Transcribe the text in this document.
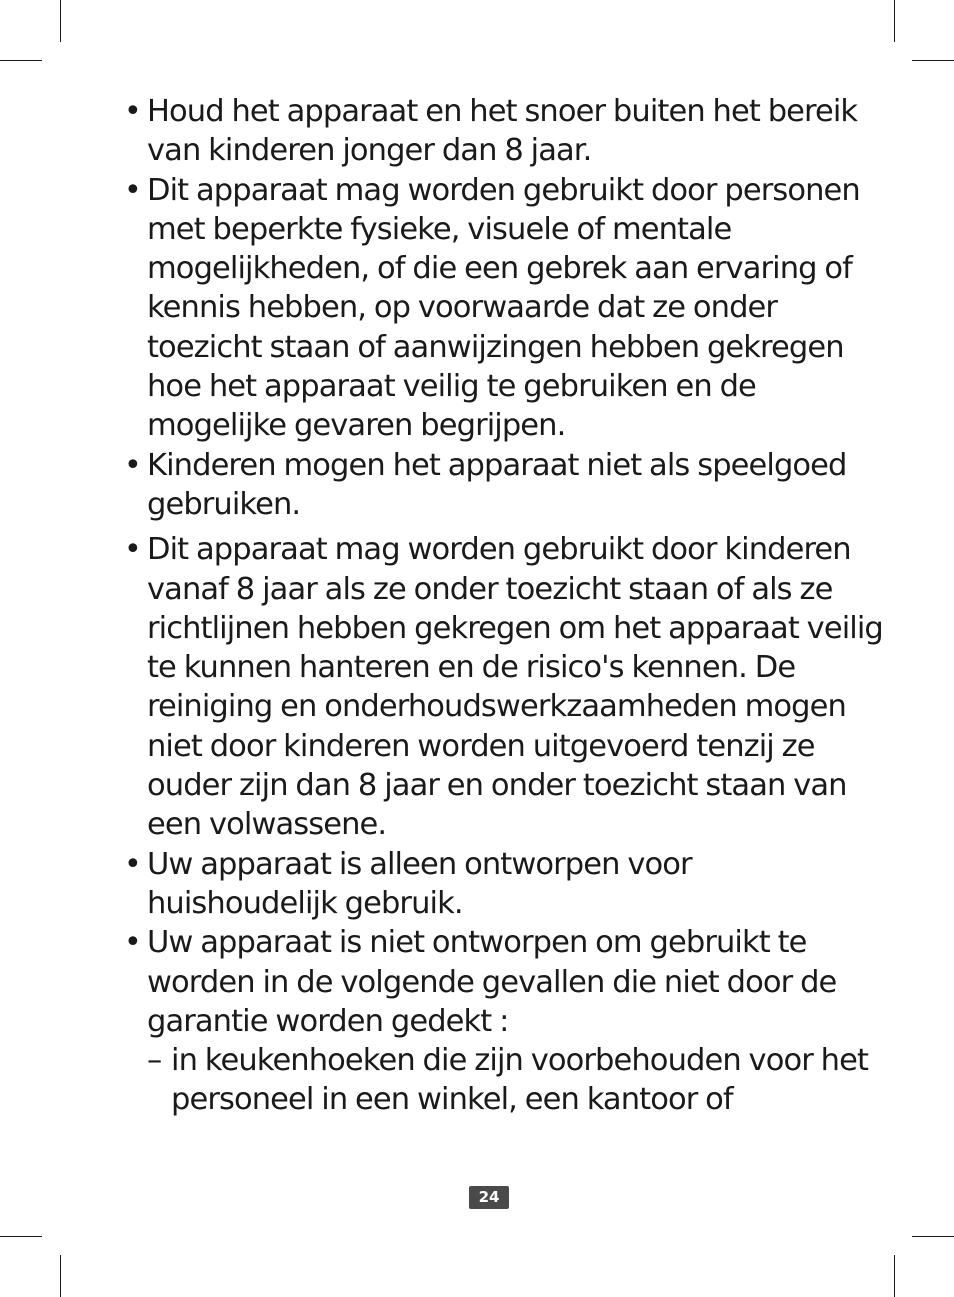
• Houd het apparaat en het snoer buiten het bereik van kinderen jonger dan 8 jaar.
• Dit apparaat mag worden gebruikt door personen met beperkte fysieke, visuele of mentale mogelijkheden, of die een gebrek aan ervaring of kennis hebben, op voorwaarde dat ze onder toezicht staan of aanwijzingen hebben gekregen hoe het apparaat veilig te gebruiken en de mogelijke gevaren begrijpen.
• Kinderen mogen het apparaat niet als speelgoed gebruiken.
• Dit apparaat mag worden gebruikt door kinderen vanaf 8 jaar als ze onder toezicht staan of als ze richtlijnen hebben gekregen om het apparaat veilig te kunnen hanteren en de risico's kennen. De reiniging en onderhoudswerkzaamheden mogen niet door kinderen worden uitgevoerd tenzij ze ouder zijn dan 8 jaar en onder toezicht staan van een volwassene.
• Uw apparaat is alleen ontworpen voor huishoudelijk gebruik.
• Uw apparaat is niet ontworpen om gebruikt te worden in de volgende gevallen die niet door de garantie worden gedekt :
– in keukenhoeken die zijn voorbehouden voor het personeel in een winkel, een kantoor of
24
